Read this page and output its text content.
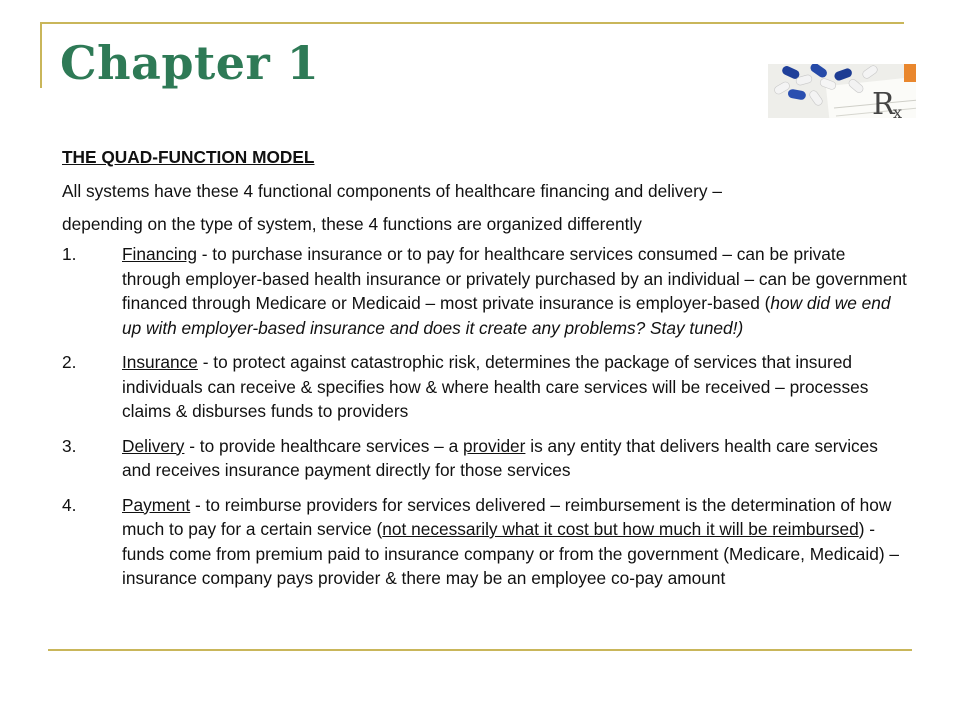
Chapter 1
R
x
THE QUAD-FUNCTION MODEL
All systems have these 4 functional components of healthcare financing and delivery –
depending on the type of system, these 4 functions are organized differently
1.	Financing - to purchase insurance or to pay for healthcare services consumed – can be private through employer-based health insurance or privately purchased by an individual – can be government financed through Medicare or Medicaid – most private insurance is employer-based (how did we end up with employer-based insurance and does it create any problems? Stay tuned!)
2.	Insurance - to protect against catastrophic risk, determines the package of services that insured individuals can receive & specifies how & where health care services will be received – processes claims & disburses funds to providers
3.	Delivery - to provide healthcare services – a provider is any entity that delivers health care services and receives insurance payment directly for those services
4.	Payment - to reimburse providers for services delivered – reimbursement is the determination of how much to pay for a certain service (not necessarily what it cost but how much it will be reimbursed) - funds come from premium paid to insurance company or from the government (Medicare, Medicaid) – insurance company pays provider & there may be an employee co-pay amount
